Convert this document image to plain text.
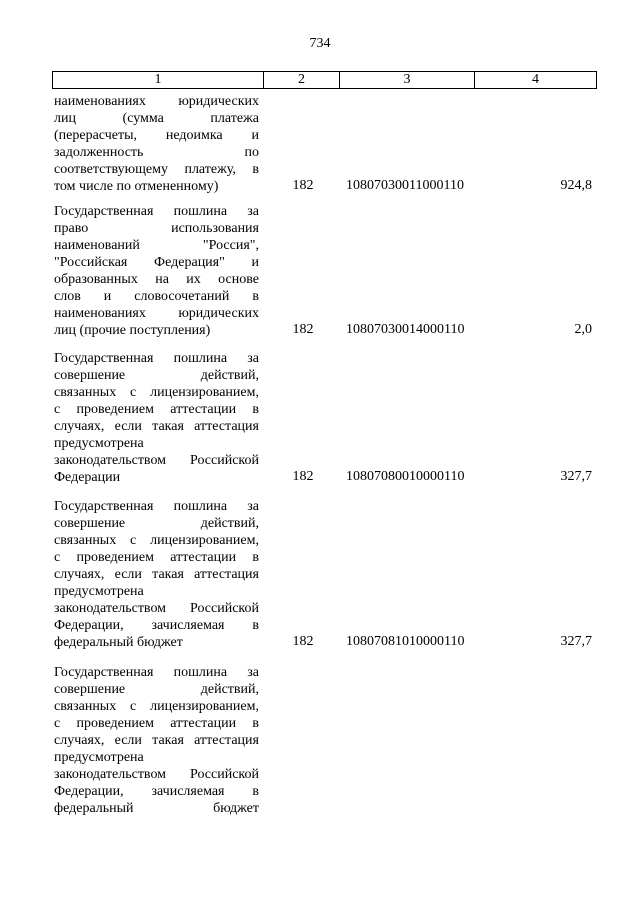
734
1	2	3	4
наименованиях юридических
лиц	(сумма	платежа
(перерасчеты, недоимка и
задолженность	по
соответствующему платежу, в
том числе по отмененному)	182	10807030011000110	924,8
Государственная пошлина за
право	использования
наименований	"Россия",
"Российская Федерация" и
образованных на их основе
слов и словосочетаний в
наименованиях юридических
лиц (прочие поступления)	182	10807030014000110	2,0
Государственная пошлина за
совершение	действий,
связанных с лицензированием,
с проведением аттестации в
случаях, если такая аттестация
предусмотрена
законодательством Российской
Федерации	182	10807080010000110	327,7
Государственная пошлина за
совершение	действий,
связанных с лицензированием,
с проведением аттестации в
случаях, если такая аттестация
предусмотрена
законодательством Российской
Федерации, зачисляемая в
федеральный бюджет	182	10807081010000110	327,7
Государственная пошлина за
совершение	действий,
связанных с лицензированием,
с проведением аттестации в
случаях, если такая аттестация
предусмотрена
законодательством Российской
Федерации, зачисляемая в
федеральный	бюджет
